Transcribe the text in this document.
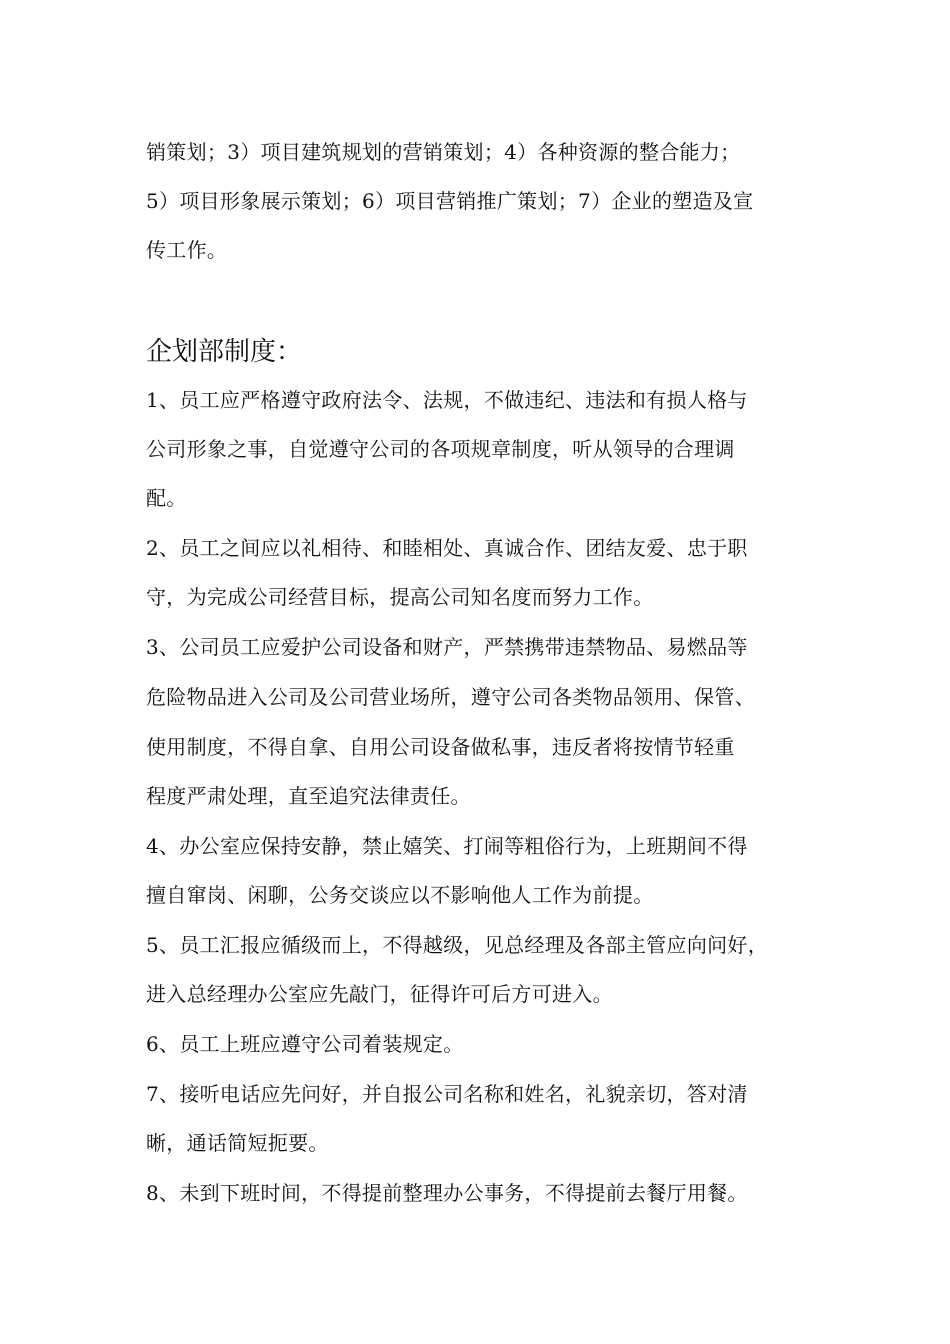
销策划；3）项目建筑规划的营销策划；4）各种资源的整合能力；
5）项目形象展示策划；6）项目营销推广策划；7）企业的塑造及宣
传工作。
企划部制度：
1、员工应严格遵守政府法令、法规，不做违纪、违法和有损人格与
公司形象之事，自觉遵守公司的各项规章制度，听从领导的合理调
配。
2、员工之间应以礼相待、和睦相处、真诚合作、团结友爱、忠于职
守，为完成公司经营目标，提高公司知名度而努力工作。
3、公司员工应爱护公司设备和财产，严禁携带违禁物品、易燃品等
危险物品进入公司及公司营业场所，遵守公司各类物品领用、保管、
使用制度，不得自拿、自用公司设备做私事，违反者将按情节轻重
程度严肃处理，直至追究法律责任。
4、办公室应保持安静，禁止嬉笑、打闹等粗俗行为，上班期间不得
擅自窜岗、闲聊，公务交谈应以不影响他人工作为前提。
5、员工汇报应循级而上，不得越级，见总经理及各部主管应向问好，
进入总经理办公室应先敲门，征得许可后方可进入。
6、员工上班应遵守公司着装规定。
7、接听电话应先问好，并自报公司名称和姓名，礼貌亲切，答对清
晰，通话简短扼要。
8、未到下班时间，不得提前整理办公事务，不得提前去餐厅用餐。
